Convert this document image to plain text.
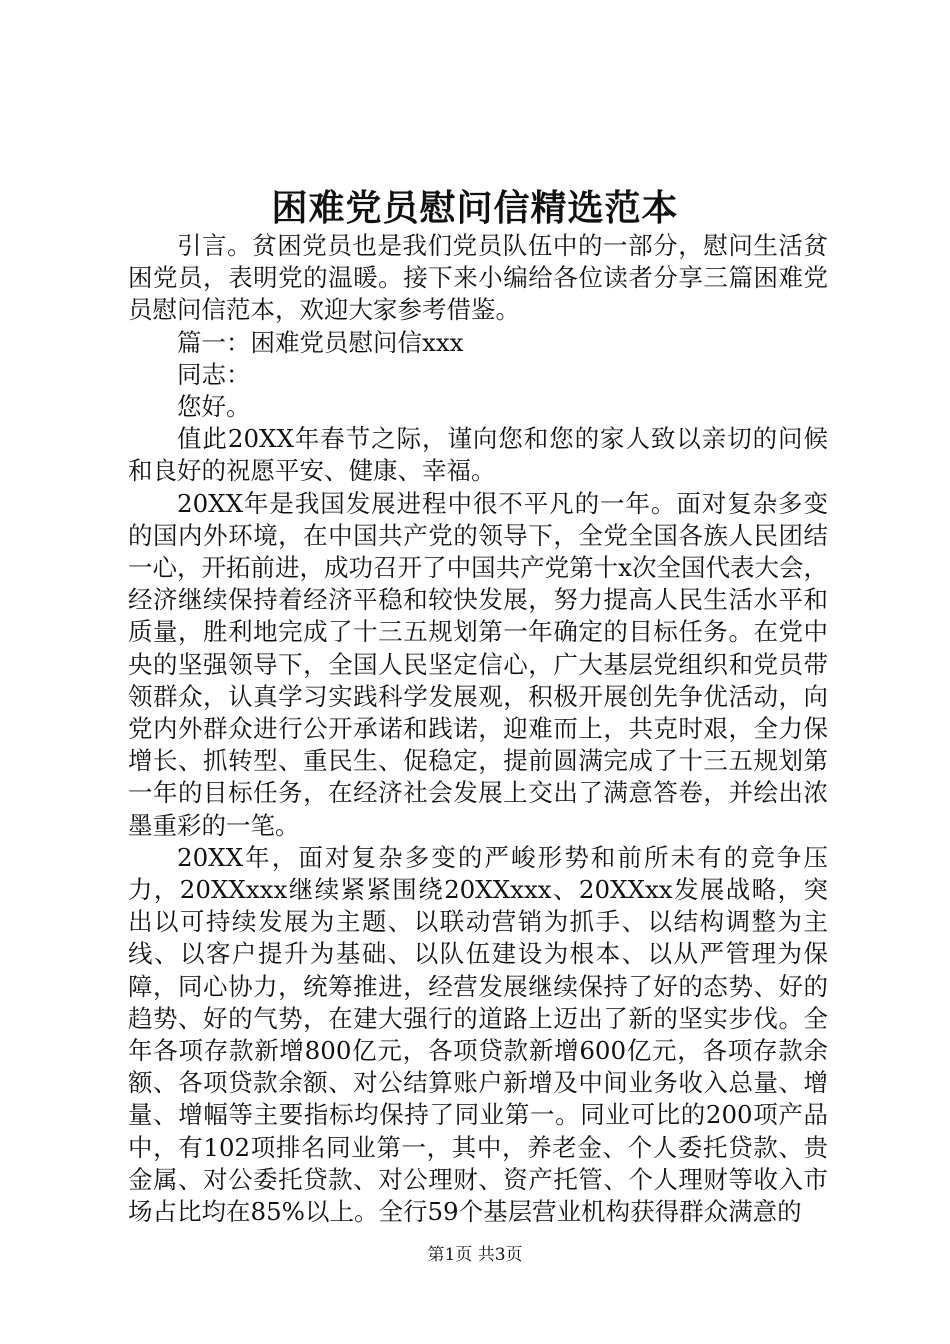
困难党员慰问信精选范本

引言。贫困党员也是我们党员队伍中的一部分，慰问生活贫困党员，表明党的温暖。接下来小编给各位读者分享三篇困难党员慰问信范本，欢迎大家参考借鉴。

篇一：困难党员慰问信xxx

同志：

您好。

值此20XX年春节之际，谨向您和您的家人致以亲切的问候和良好的祝愿平安、健康、幸福。

20XX年是我国发展进程中很不平凡的一年。面对复杂多变的国内外环境，在中国共产党的领导下，全党全国各族人民团结一心，开拓前进，成功召开了中国共产党第十x次全国代表大会，经济继续保持着经济平稳和较快发展，努力提高人民生活水平和质量，胜利地完成了十三五规划第一年确定的目标任务。在党中央的坚强领导下，全国人民坚定信心，广大基层党组织和党员带领群众，认真学习实践科学发展观，积极开展创先争优活动，向党内外群众进行公开承诺和践诺，迎难而上，共克时艰，全力保增长、抓转型、重民生、促稳定，提前圆满完成了十三五规划第一年的目标任务，在经济社会发展上交出了满意答卷，并绘出浓墨重彩的一笔。

20XX年，面对复杂多变的严峻形势和前所未有的竞争压力，20XXxxx继续紧紧围绕20XXxxx、20XXxx发展战略，突出以可持续发展为主题、以联动营销为抓手、以结构调整为主线、以客户提升为基础、以队伍建设为根本、以从严管理为保障，同心协力，统筹推进，经营发展继续保持了好的态势、好的趋势、好的气势，在建大强行的道路上迈出了新的坚实步伐。全年各项存款新增800亿元，各项贷款新增600亿元，各项存款余额、各项贷款余额、对公结算账户新增及中间业务收入总量、增量、增幅等主要指标均保持了同业第一。同业可比的200项产品中，有102项排名同业第一，其中，养老金、个人委托贷款、贵金属、对公委托贷款、对公理财、资产托管、个人理财等收入市场占比均在85%以上。全行59个基层营业机构获得群众满意的

第1页 共3页
